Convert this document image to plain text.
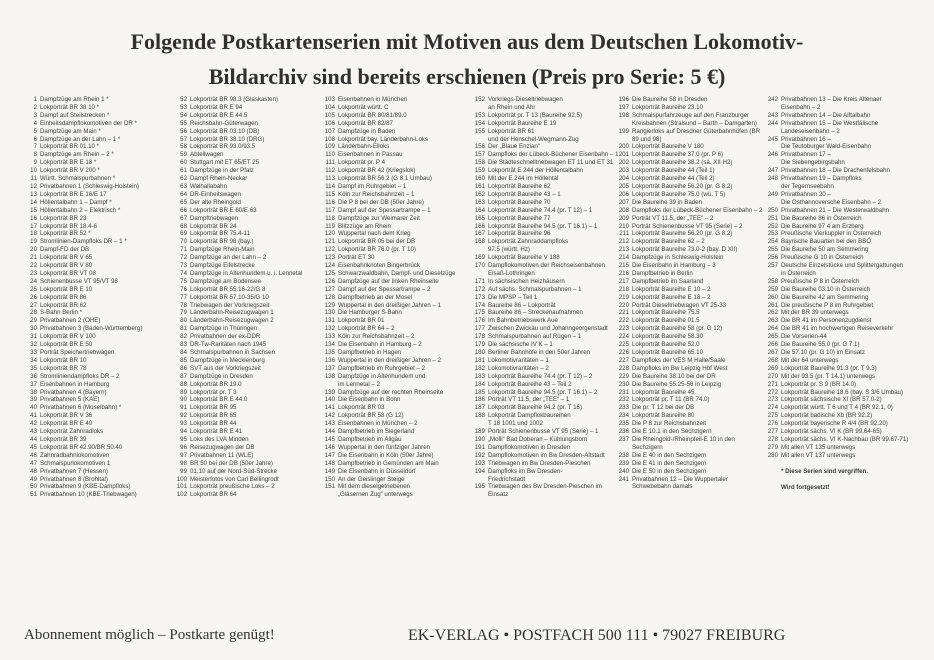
Folgende Postkartenserien mit Motiven aus dem Deutschen Lokomotiv-
Bildarchiv sind bereits erschienen (Preis pro Serie: 5 €)
1 Dampfzüge am Rhein 1 *
2 Lokporträt BR 38 10 *
3 Dampf auf Steilstrecken *
4 Einheitsdampflokomotiven der DR *
5 Dampfzüge am Main *
6 Dampfzüge an der Lahn – 1 *
7 Lokporträt BR 01.10 *
8 Dampfzüge am Rhein – 2 *
9 Lokporträt BR E 18 *
10 Lokporträt BR V 200 *
11 Württ. Schmalspurbahnen *
12 Privatbahnen 1 (Schleswig-Holstein)
13 Lokporträt BR E 16/E 17
14 Höllentalbahn 1 – Dampf *
15 Höllentalbahn 2 – Elektrisch *
16 Lokporträt BR 23
17 Lokporträt BR 18.4-6
18 Lokporträt BR 52 *
19 Stromlinien-Dampfloks DR – 1 *
20 Dampf-FD der DB
21 Lokporträt BR V 65
22 Lokporträt BR V 80
23 Lokporträt BR VT 08
24 Schienenbusse VT 95/VT 98
25 Lokporträt BR E 10
26 Lokporträt BR 86
27 Lokporträt BR 62
28 S-Bahn Berlin *
29 Privatbahnen 2 (OHE)
30 Privatbahnen 3 (Baden-Württemberg)
31 Lokporträt BR V 100
32 Lokporträt BR E 50
33 Porträt Speichertriebwagen
34 Lokporträt BR 10
35 Lokporträt BR 78
36 Stromliniendampfloks DR – 2
37 Eisenbahnen in Hamburg
38 Privatbahnen 4 (Bayern)
39 Privatbahnen 5 (KAE)
40 Privatbahnen 6 (Moselbahn) *
41 Lokporträt BR V 36
42 Lokporträt BR E 40
43 Lokporträt Zahnradloks
44 Lokporträt BR 39
45 Lokporträt BR 42.90/BR 50.40
46 Zahnradbahnlokomotiven
47 Schmalspurlokomotiven 1
48 Privatbahnen 7 (Hessen)
49 Privatbahnen 8 (Brohltal)
50 Privatbahnen 9 (KBE-Dampfloks)
51 Privatbahnen 10 (KBE-Triebwagen)
52 Lokporträt BR 98.3 (Glaskasten)
53 Lokporträt BR E 94
54 Lokporträt BR E 44.5
55 Reichsbahn-Güterwagen
56 Lokporträt BR 03.10 (DB)
57 Lokporträt BR 38.10 (DRG)
58 Lokporträt BR 93.0/93.5
59 Abteilwagen
60 Stuttgart mit ET 65/ET 25
61 Dampfzüge in der Pfalz
62 Dampf Rhein-Neckar
63 Walhallabahn
64 DR-Einheitswagen
65 Der alte Rheingold
66 Lokporträt BR E 60/E 63
67 Dampftriebwagen
68 Lokporträt BR 24
69 Lokporträt BR 75.4-11
70 Lokporträt BR 98 (bay.)
71 Dampfzüge Rhein-Main
72 Dampfzüge an der Lahn – 2
73 Dampfzüge Eifelstrecke
74 Dampfzüge in Altenhundem u. i. Lennetal
75 Dampfzüge am Bodensee
76 Lokporträt BR 55.16-22/G 8
77 Lokporträt BR 57.10-35/G 10
78 Triebwagen der Vorkriegszeit
79 Länderbahn-Reisezugwagen 1
80 Länderbahn-Reisezugwagen 2
81 Dampfzüge in Thüringen
82 Privatbahnen der ex-DDR
83 DR-Tw-Raritäten nach 1945
84 Schmalspurbahnen in Sachsen
85 Dampfzüge in Mecklenburg
86 SVT aus der Vorkriegszeit
87 Dampfzüge in Dresden
88 Lokporträt BR 19.0
89 Lokporträt pr. T 3
90 Lokporträt BR E 44.0
91 Lokporträt BR 95
92 Lokporträt BR 65
93 Lokporträt BR 44
94 Lokporträt BR E 41
95 Loks des LVA Minden
96 Reisezugwagen der DB
97 Privatbahnen 11 (WLE)
98 BR 50 bei der DB (50er Jahre)
99 01.10 auf der Nord-Süd-Strecke
100 Meisterfotos von Carl Bellingrodt
101 Lokporträt preußische Loks – 2
102 Lokporträt BR 64
103 Eisenbahnen in München
104 Lokporträt württ. C
105 Lokporträt BR 80/81/89.0
106 Lokporträt BR 82/87
107 Dampfzüge in Baden
108 Lokporträt bay. Länderbahn-Loks
109 Länderbahn-Elloks
110 Eisenbahnen in Passau
111 Lokporträt pr. P 4
112 Lokporträt BR 42 (Kriegslok)
113 Lokporträt BR 56.2 (G 8.1 Umbau)
114 Dampf im Ruhrgebiet – 1
115 Köln zur Reichsbahnzeit – 1
116 Die P 8 bei der DB (50er Jahre)
117 Dampf auf der Spessartrampe – 1
118 Dampfzüge zur Weimarer Zeit
119 Blitzzüge am Rhein
120 Wuppertal nach dem Krieg
121 Lokporträt BR 05 bei der DB
122 Lokporträt BR 76.0 (pr. T 10)
123 Porträt ET 30
124 Eisenbahnknoten Bingerbrück
125 Schwarzwaldbahn, Dampf- und Dieselzüge
126 Dampfzüge auf der linken Rheinseite
127 Dampf auf der Spessartrampe – 2
128 Dampfbetrieb an der Mosel
129 Wuppertal in den dreißiger Jahren – 1
130 Die Hamburger S-Bahn
131 Lokporträt BR 01
132 Lokporträt BR 64 – 2
133 Köln zur Reichsbahnzeit – 2
134 Die Eisenbahn in Hamburg – 2
135 Dampfbetrieb in Hagen
136 Wuppertal in den dreißiger Jahren – 2
137 Dampfbetrieb im Ruhrgebiet – 2
138 Dampfzüge in Altenhundem und
im Lennetal – 2
139 Dampfzüge auf der rechten Rheinseite
140 Die Eisenbahn in Bonn
141 Lokporträt BR 03
142 Lokporträt BR 58 (G 12)
143 Eisenbahnen in München – 2
144 Dampfbetrieb im Siegerland
145 Dampfbetrieb im Allgäu
146 Wuppertal in den fünfziger Jahren
147 Die Eisenbahn in Köln (50er Jahre)
148 Dampfbetrieb in Gemünden am Main
149 Die Eisenbahn in Düsseldorf
150 An der Geislinger Steige
151 Mit dem dieselgetriebenen
„Gläsernen Zug“ unterwegs
152 Vorkriegs-Dieseltriebwagen
an Rhein und Ahr
153 Lokporträt pr. T 13 (Baureihe 92.5)
154 Lokporträt Baureihe E 19
155 Lokporträt BR 61
und der Henschel-Wegmann-Zug
156 Der „Blaue Enzian“
157 Dampfloks der Lübeck-Büchener Eisenbahn – 1
158 Die Städteschnelltriebwagen ET 11 und ET 31
159 Lokporträt E 244 der Höllentalbahn
160 Mit der E 244 im Höllental
161 Lokporträt Baureihe 62
162 Lokporträt Baureihe 43 – 1
163 Lokporträt Baureihe 70
164 Lokporträt Baureihe 74.4 (pr. T 12) – 1
165 Lokporträt Baureihe 77
166 Lokporträt Baureihe 94.5 (pr. T 16.1) – 1
167 Lokporträt Baureihe 96
168 Lokporträt Zahnraddampfloks
97.5 (württ. Hz)
169 Lokporträt Baureihe V 188
170 Dampflokomotiven der Reichseisenbahnen
Elsaß-Lothringen
171 In sächsischen Heizhäusern
172 Auf sächs. Schmalspurbahnen – 1
173 Die MPSP – Teil 1
174 Baureihe 86 – Lokporträt
175 Baureihe 86 – Streckenaufnahmen
176 Im Bahnbetriebswerk Aue
177 Zwischen Zwickau und Johanngeorgenstadt
178 Schmalspurbahnen auf Rügen – 1
179 Die sächsische IV K – 1
180 Berliner Bahnhöfe in den 50er Jahren
181 Lokomotivraritäten – 1
182 Lokomotivraritäten – 2
183 Lokporträt Baureihe 74.4 (pr. T 12) – 2
184 Lokporträt Baureihe 43 – Teil 2
185 Lokporträt Baureihe 94.5 (pr. T 16.1) – 2
186 Porträt VT 11.5, der „TEE“ – 1
187 Lokporträt Baureihe 94.2 (pr. T 16)
188 Lokporträt Dampflokbaureihen
T 18 1001 und 1002
189 Porträt Schienenbusse VT 95 (Serie) – 1
190 „Molli“ Bad Doberan – Kühlungsborn
191 Dampflokomotiven in Dresden
192 Dampflokomotiven im Bw Dresden-Altstadt
193 Triebwagen im Bw Dresden-Pieschen
194 Dampfloks im Bw Dresden-
Friedrichstadt
195 Triebwagen des Bw Dresden-Pieschen im
Einsatz
196 Die Baureihe 58 in Dresden
197 Lokporträt Baureihe 23.10
198 Schmalspurfahrzeuge auf den Franzburger
Kreisbahnen (Stralsund – Barth – Damgarten)
199 Rangierloks auf Dresdner Güterbahnhöfen (BR
89 und 98)
200 Lokporträt Baureihe V 180
201 Lokporträt Baureihe 37.0 (pr. P 6)
202 Lokporträt Baureihe 38.2 (sä. XII H2)
203 Lokporträt Baureihe 44 (Teil 1)
204 Lokporträt Baureihe 44 (Teil 2)
205 Lokporträt Baureihe 56.20 (pr. G 8.2)
206 Lokporträt Baureihe 75.0 (wü. T 5)
207 Die Baureihe 39 in Baden
208 Dampfloks der Lübeck-Büchener Eisenbahn – 2
209 Porträt VT 11.5, der „TEE“ – 2
210 Porträt Schienenbusse VT 95 (Serie) – 2
211 Lokporträt Baureihe 56.20 (pr. G 8.2)
212 Lokporträt Baureihe 62 – 2
213 Lokporträt Baureihe 73.0-2 (bay. D XII)
214 Dampfzüge in Schleswig-Holstein
215 Die Eisenbahn in Hamburg – 3
216 Dampfbetrieb in Berlin
217 Dampfbetrieb im Saarland
218 Lokporträt Baureihe E 10 – 2
219 Lokporträt Baureihe E 18 – 2
220 Porträt Dieseltriebwagen VT 25-33
221 Lokporträt Baureihe 75.5
222 Lokporträt Baureihe 01.5
223 Lokporträt Baureihe 58 (pr. G 12)
224 Lokporträt Baureihe 58.30
225 Lokporträt Baureihe 52.0
226 Lokporträt Baureihe 65.10
227 Dampfloks der VES M Halle/Saale
228 Dampfloks im Bw Leipzig Hbf West
229 Die Baureihe 38.10 bei der DR
230 Die Baureihe 55.25-56 in Leipzig
231 Lokporträt Baureihe 45
232 Lokporträt pr. T 11 (BR 74.0)
233 Die pr. T 12 bei der DB
234 Lokporträt Baureihe 80
235 Die P 8 zur Reichsbahnzeit
236 Die E 10.1 in den Sechzigern
237 Die Rheingold-/Rheinpfeil-E 10 in den
Sechzigern
238 Die E 40 in den Sechzigern
239 Die E 41 in den Sechzigern
240 Die E 50 in den Sechzigern
241 Privatbahnen 12 – Die Wuppertaler
Schwebebahn damals
242 Privatbahnen 13 – Die Kreis Altenaer
Eisenbahn – 2
243 Privatbahnen 14 – Die Alftalbahn
244 Privatbahnen 15 – Die Westfälische
Landeseisenbahn – 2
245 Privatbahnen 16 –
Die Teutoburger Wald-Eisenbahn
246 Privatbahnen 17 –
Die Siebengebirgsbahn
247 Privatbahnen 18 – Die Drachenfelsbahn
248 Privatbahnen 19 – Dampfloks
der Tegernseebahn
249 Privatbahnen 20 –
Die Osthannoversche Eisenbahn – 2
250 Privatbahnen 21 – Die Westerwaldbahn
251 Die Baureihe 86 in Österreich
252 Die Baureihe 97 4 am Erzberg
253 Preußische Vierkuppler in Österreich
254 Bayrische Bauarten bei den BBÖ
255 Die Baureihe 50 am Semmering
256 Preußische G 10 in Österreich
257 Deutsche Einzelstücke und Splittergattungen
in Österreich
258 Preußische P 8 in Österreich
259 Die Baureihe 03.10 in Österreich
260 Die Baureihe 42 am Semmering
261 Die preußische P 8 im Ruhrgebiet
262 Mit der BR 39 unterwegs
263 Die BR 41 im Personenzugdienst
264 Die BR 41 im hochwertigen Reiseverkehr
265 Die Vorserien-44
266 Die Baureihe 55.0 (pr. G 7.1)
267 Die 57.10 (pr. G 10) im Einsatz
268 Mit der 64 unterwegs
269 Lokporträt Baureihe 91.3 (pr. T 9.3)
270 Mit der 93.5 (pr. T 14.1) unterwegs
271 Lokporträt pr. S 9 (BR 14.0)
272 Lokporträt Baureihe 18.6 (bay. S 3/6 Umbau)
273 Lokporträt sächsische XI (BR 57.0-2)
274 Lokporträt württ. T 6 und T 4 (BR 92.1, 0)
275 Lokporträt badische Xb (BR 92.2)
276 Lokporträt bayerische R 4/4 (BR 92.20)
277 Lokporträt sächs. VI K (BR 99.64-65)
278 Lokporträt sächs. VI K-Nachbau (BR 99.67-71)
279 Mit allen VT 135 unterwegs
280 Mit allen VT 137 unterwegs
* Diese Serien sind vergriffen.
Wird fortgesetzt!
Abonnement möglich – Postkarte genügt!	EK-VERLAG • POSTFACH 500 111 • 79027 FREIBURG
